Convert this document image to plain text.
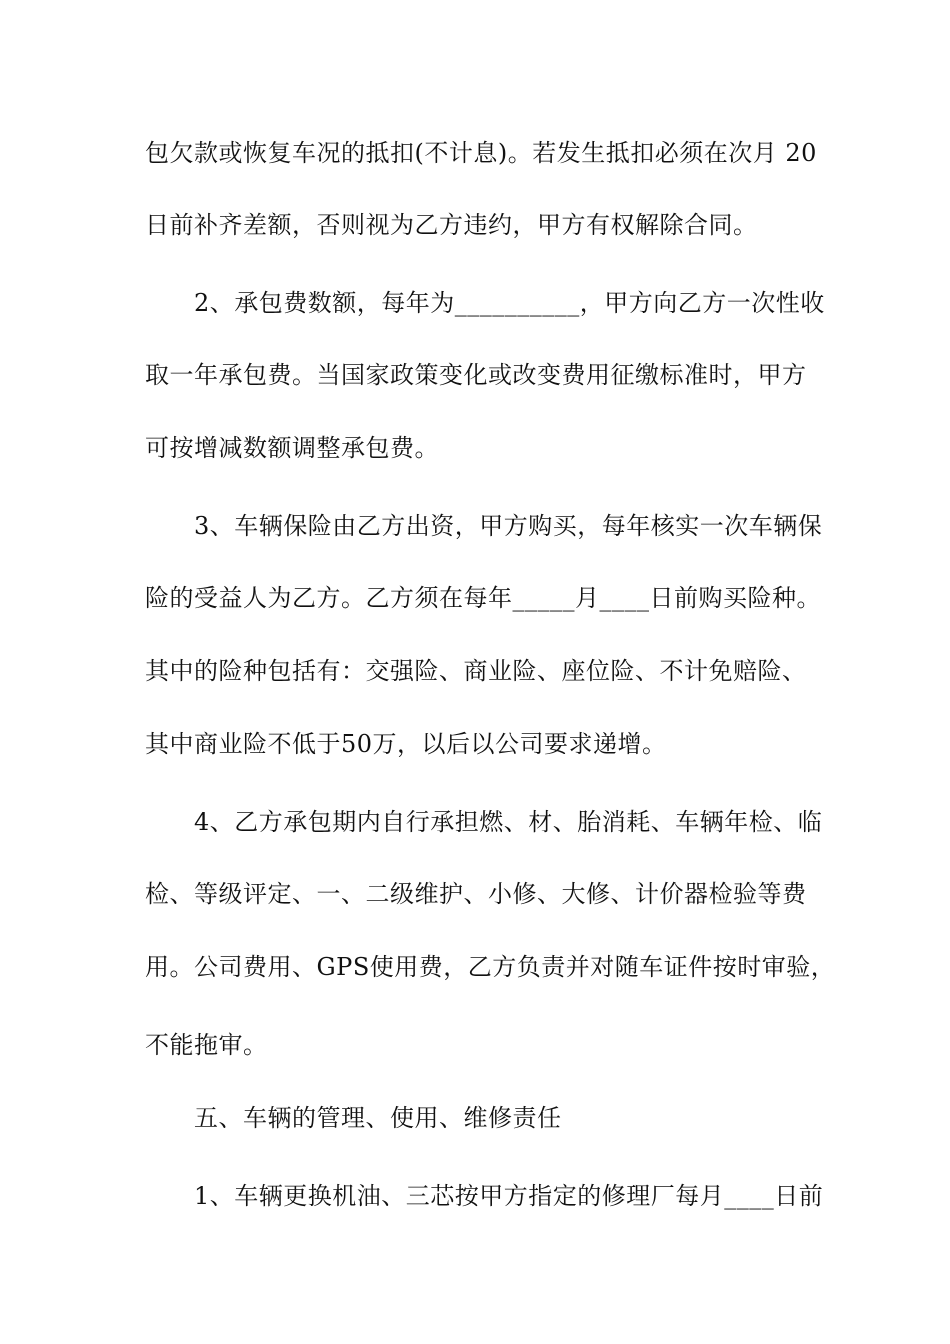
包欠款或恢复车况的抵扣(不计息)。若发生抵扣必须在次月 20
日前补齐差额，否则视为乙方违约，甲方有权解除合同。
2、承包费数额，每年为__________，甲方向乙方一次性收
取一年承包费。当国家政策变化或改变费用征缴标准时，甲方
可按增减数额调整承包费。
3、车辆保险由乙方出资，甲方购买，每年核实一次车辆保
险的受益人为乙方。乙方须在每年_____月____日前购买险种。
其中的险种包括有：交强险、商业险、座位险、不计免赔险、
其中商业险不低于50万，以后以公司要求递增。
4、乙方承包期内自行承担燃、材、胎消耗、车辆年检、临
检、等级评定、一、二级维护、小修、大修、计价器检验等费
用。公司费用、GPS使用费，乙方负责并对随车证件按时审验，
不能拖审。
五、车辆的管理、使用、维修责任
1、车辆更换机油、三芯按甲方指定的修理厂每月____日前
